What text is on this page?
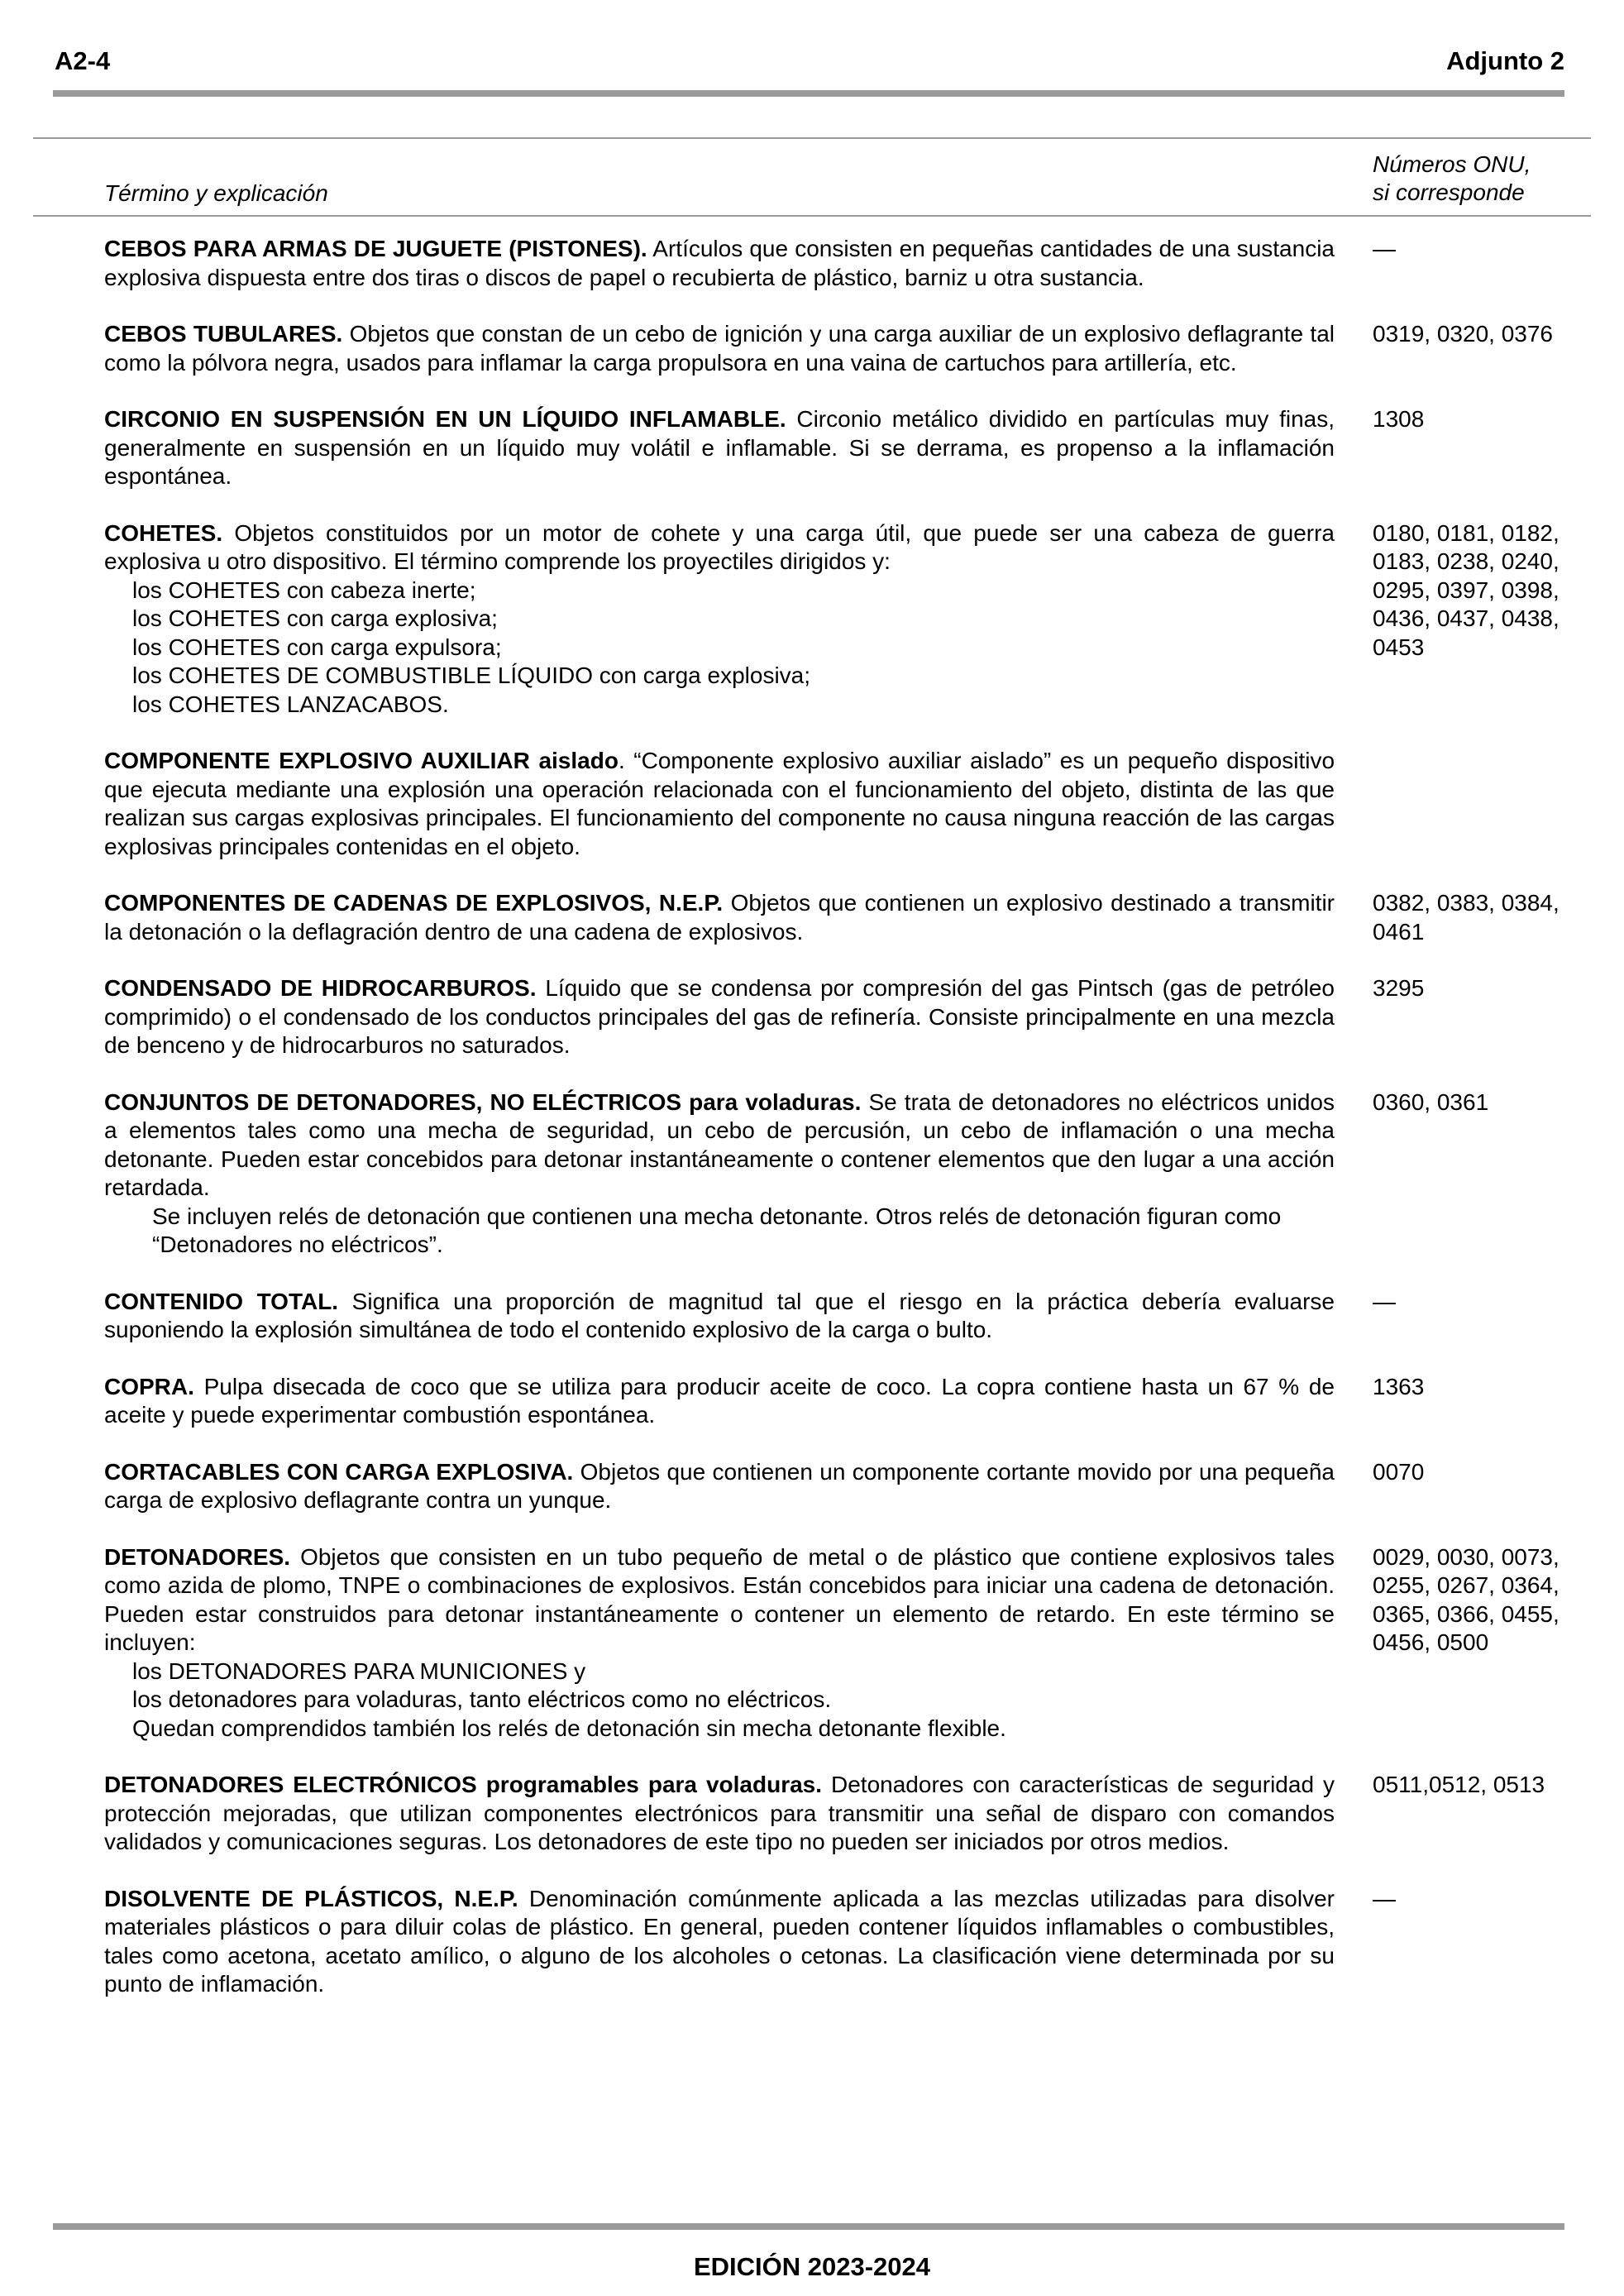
A2-4	Adjunto 2
Término y explicación
Números ONU,
si corresponde
CEBOS PARA ARMAS DE JUGUETE (PISTONES). Artículos que consisten en pequeñas cantidades de una sustancia explosiva dispuesta entre dos tiras o discos de papel o recubierta de plástico, barniz u otra sustancia.
—
CEBOS TUBULARES. Objetos que constan de un cebo de ignición y una carga auxiliar de un explosivo deflagrante tal como la pólvora negra, usados para inflamar la carga propulsora en una vaina de cartuchos para artillería, etc.
0319, 0320, 0376
CIRCONIO EN SUSPENSIÓN EN UN LÍQUIDO INFLAMABLE. Circonio metálico dividido en partículas muy finas, generalmente en suspensión en un líquido muy volátil e inflamable. Si se derrama, es propenso a la inflamación espontánea.
1308
COHETES. Objetos constituidos por un motor de cohete y una carga útil, que puede ser una cabeza de guerra explosiva u otro dispositivo. El término comprende los proyectiles dirigidos y:
los COHETES con cabeza inerte;
los COHETES con carga explosiva;
los COHETES con carga expulsora;
los COHETES DE COMBUSTIBLE LÍQUIDO con carga explosiva;
los COHETES LANZACABOS.
0180, 0181, 0182,
0183, 0238, 0240,
0295, 0397, 0398,
0436, 0437, 0438,
0453
COMPONENTE EXPLOSIVO AUXILIAR aislado. “Componente explosivo auxiliar aislado” es un pequeño dispositivo que ejecuta mediante una explosión una operación relacionada con el funcionamiento del objeto, distinta de las que realizan sus cargas explosivas principales. El funcionamiento del componente no causa ninguna reacción de las cargas explosivas principales contenidas en el objeto.
COMPONENTES DE CADENAS DE EXPLOSIVOS, N.E.P. Objetos que contienen un explosivo destinado a transmitir la detonación o la deflagración dentro de una cadena de explosivos.
0382, 0383, 0384,
0461
CONDENSADO DE HIDROCARBUROS. Líquido que se condensa por compresión del gas Pintsch (gas de petróleo comprimido) o el condensado de los conductos principales del gas de refinería. Consiste principalmente en una mezcla de benceno y de hidrocarburos no saturados.
3295
CONJUNTOS DE DETONADORES, NO ELÉCTRICOS para voladuras. Se trata de detonadores no eléctricos unidos a elementos tales como una mecha de seguridad, un cebo de percusión, un cebo de inflamación o una mecha detonante. Pueden estar concebidos para detonar instantáneamente o contener elementos que den lugar a una acción retardada.
Se incluyen relés de detonación que contienen una mecha detonante. Otros relés de detonación figuran como “Detonadores no eléctricos”.
0360, 0361
CONTENIDO TOTAL. Significa una proporción de magnitud tal que el riesgo en la práctica debería evaluarse suponiendo la explosión simultánea de todo el contenido explosivo de la carga o bulto.
—
COPRA. Pulpa disecada de coco que se utiliza para producir aceite de coco. La copra contiene hasta un 67 % de aceite y puede experimentar combustión espontánea.
1363
CORTACABLES CON CARGA EXPLOSIVA. Objetos que contienen un componente cortante movido por una pequeña carga de explosivo deflagrante contra un yunque.
0070
DETONADORES. Objetos que consisten en un tubo pequeño de metal o de plástico que contiene explosivos tales como azida de plomo, TNPE o combinaciones de explosivos. Están concebidos para iniciar una cadena de detonación. Pueden estar construidos para detonar instantáneamente o contener un elemento de retardo. En este término se incluyen:
los DETONADORES PARA MUNICIONES y
los detonadores para voladuras, tanto eléctricos como no eléctricos.
Quedan comprendidos también los relés de detonación sin mecha detonante flexible.
0029, 0030, 0073,
0255, 0267, 0364,
0365, 0366, 0455,
0456, 0500
DETONADORES ELECTRÓNICOS programables para voladuras. Detonadores con características de seguridad y protección mejoradas, que utilizan componentes electrónicos para transmitir una señal de disparo con comandos validados y comunicaciones seguras. Los detonadores de este tipo no pueden ser iniciados por otros medios.
0511,0512, 0513
DISOLVENTE DE PLÁSTICOS, N.E.P. Denominación comúnmente aplicada a las mezclas utilizadas para disolver materiales plásticos o para diluir colas de plástico. En general, pueden contener líquidos inflamables o combustibles, tales como acetona, acetato amílico, o alguno de los alcoholes o cetonas. La clasificación viene determinada por su punto de inflamación.
—
EDICIÓN 2023-2024
